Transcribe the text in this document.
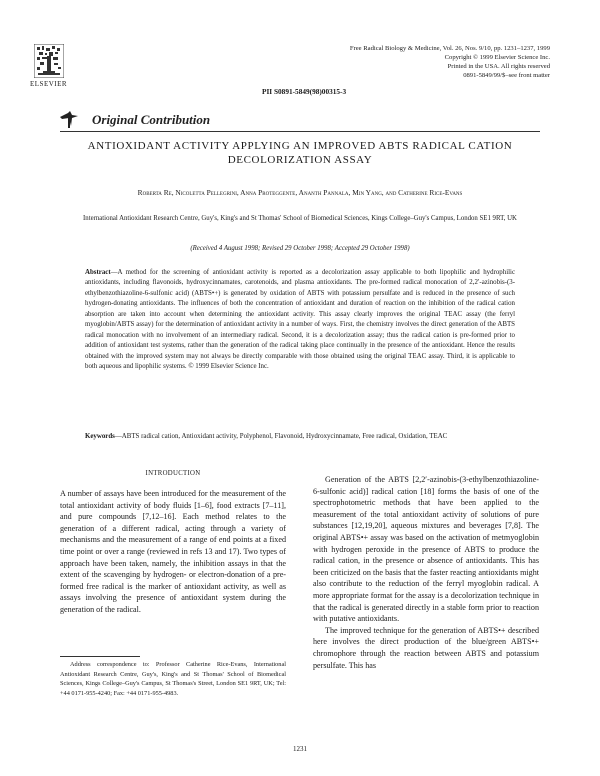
ELSEVIER
Free Radical Biology & Medicine, Vol. 26, Nos. 9/10, pp. 1231–1237, 1999
Copyright © 1999 Elsevier Science Inc.
Printed in the USA. All rights reserved
0891-5849/99/$–see front matter
PII S0891-5849(98)00315-3
Original Contribution
ANTIOXIDANT ACTIVITY APPLYING AN IMPROVED ABTS RADICAL CATION DECOLORIZATION ASSAY
Roberta Re, Nicoletta Pellegrini, Anna Proteggente, Ananth Pannala, Min Yang, and Catherine Rice-Evans
International Antioxidant Research Centre, Guy's, King's and St Thomas' School of Biomedical Sciences, Kings College–Guy's Campus, London SE1 9RT, UK
(Received 4 August 1998; Revised 29 October 1998; Accepted 29 October 1998)
Abstract—A method for the screening of antioxidant activity is reported as a decolorization assay applicable to both lipophilic and hydrophilic antioxidants, including flavonoids, hydroxycinnamates, carotenoids, and plasma antioxidants. The pre-formed radical monocation of 2,2′-azinobis-(3-ethylbenzothiazoline-6-sulfonic acid) (ABTS•+) is generated by oxidation of ABTS with potassium persulfate and is reduced in the presence of such hydrogen-donating antioxidants. The influences of both the concentration of antioxidant and duration of reaction on the inhibition of the radical cation absorption are taken into account when determining the antioxidant activity. This assay clearly improves the original TEAC assay (the ferryl myoglobin/ABTS assay) for the determination of antioxidant activity in a number of ways. First, the chemistry involves the direct generation of the ABTS radical monocation with no involvement of an intermediary radical. Second, it is a decolorization assay; thus the radical cation is pre-formed prior to addition of antioxidant test systems, rather than the generation of the radical taking place continually in the presence of the antioxidant. Hence the results obtained with the improved system may not always be directly comparable with those obtained using the original TEAC assay. Third, it is applicable to both aqueous and lipophilic systems. © 1999 Elsevier Science Inc.
Keywords—ABTS radical cation, Antioxidant activity, Polyphenol, Flavonoid, Hydroxycinnamate, Free radical, Oxidation, TEAC
INTRODUCTION

A number of assays have been introduced for the measurement of the total antioxidant activity of body fluids [1–6], food extracts [7–11], and pure compounds [7,12–16]. Each method relates to the generation of a different radical, acting through a variety of mechanisms and the measurement of a range of end points at a fixed time point or over a range (reviewed in refs 13 and 17). Two types of approach have been taken, namely, the inhibition assays in that the extent of the scavenging by hydrogen- or electron-donation of a pre-formed free radical is the marker of antioxidant activity, as well as assays involving the presence of antioxidant system during the generation of the radical.

Generation of the ABTS [2,2′-azinobis-(3-ethylbenzothiazoline-6-sulfonic acid)] radical cation [18] forms the basis of one of the spectrophotometric methods that have been applied to the measurement of the total antioxidant activity of solutions of pure substances [12,19,20], aqueous mixtures and beverages [7,8]. The original ABTS•+ assay was based on the activation of metmyoglobin with hydrogen peroxide in the presence of ABTS to produce the radical cation, in the presence or absence of antioxidants. This has been criticized on the basis that the faster reacting antioxidants might also contribute to the reduction of the ferryl myoglobin radical. A more appropriate format for the assay is a decolorization technique in that the radical is generated directly in a stable form prior to reaction with putative antioxidants.

The improved technique for the generation of ABTS•+ described here involves the direct production of the blue/green ABTS•+ chromophore through the reaction between ABTS and potassium persulfate. This has

Address correspondence to: Professor Catherine Rice-Evans, International Antioxidant Research Centre, Guy's, King's and St Thomas' School of Biomedical Sciences, Kings College–Guy's Campus, St Thomas's Street, London SE1 9RT, UK; Tel: +44 0171-955-4240; Fax: +44 0171-955-4983.
1231
